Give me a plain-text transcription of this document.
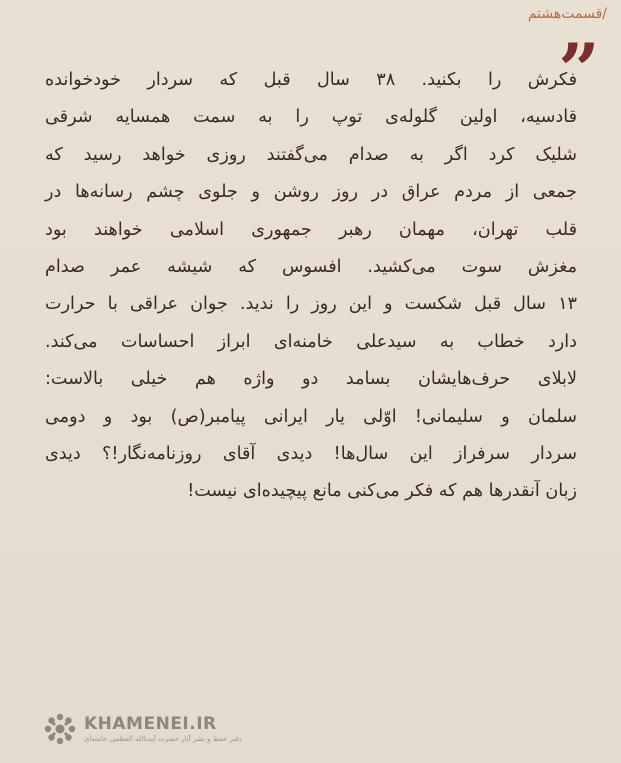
/قسمت‌هشتم
”
فکرش را بکنید. ۳۸ سال قبل که سردار خودخوانده
قادسیه، اولین گلوله‌ی توپ را به سمت همسایه شرقی
شلیک کرد اگر به صدام می‌گفتند روزی خواهد رسید که
جمعی از مردم عراق در روز روشن و جلوی چشم رسانه‌ها در
قلب تهران، مهمان رهبر جمهوری اسلامی خواهند بود
مغزش سوت می‌کشید. افسوس که شیشه عمر صدام
۱۳ سال قبل شکست و این روز را ندید. جوان عراقی با حرارت
دارد خطاب به سیدعلی خامنه‌ای ابراز احساسات می‌کند.
لابلای حرف‌هایشان بسامد دو واژه هم خیلی بالاست:
سلمان و سلیمانی! اوّلی یار ایرانی پیامبر(ص) بود و دومی
سردار سرفراز این سال‌ها! دیدی آقای روزنامه‌نگار!؟ دیدی
زبان آنقدرها هم که فکر می‌کنی مانع پیچیده‌ای نیست!
KHAMENEI.IR
دفتر حفظ و نشر آثار حضرت آیت‌الله العظمی خامنه‌ای
